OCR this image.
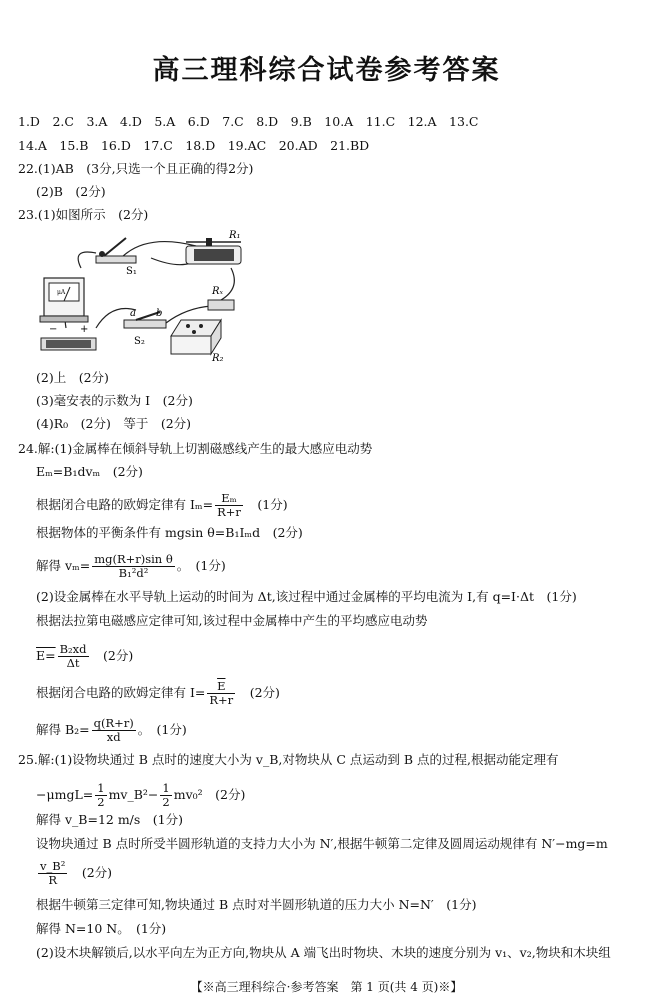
高三理科综合试卷参考答案
1.D　2.C　3.A　4.D　5.A　6.D　7.C　8.D　9.B　10.A　11.C　12.A　13.C
14.A　15.B　16.D　17.C　18.D　19.AC　20.AD　21.BD
22.(1)AB　(3分,只选一个且正确的得2分)
(2)B　(2分)
23.(1)如图所示　(2分)
S₁
R₁
μA
− +
Rₓ
a b
S₂
R₂
(2)上　(2分)
(3)毫安表的示数为 I　(2分)
(4)R₀　(2分)　等于　(2分)
24.解:(1)金属棒在倾斜导轨上切割磁感线产生的最大感应电动势
Eₘ=B₁dvₘ　(2分)
根据闭合电路的欧姆定律有 $I_m= \frac{\text{Eₘ}}{R+r}$ 　(1分)
根据物体的平衡条件有 mgsin θ=B₁Iₘd　(2分)
解得 $v_m= \frac{\text{mg(R+r)sin θ}}{\text{B₁²d²}}$ 。　(1分)
(2)设金属棒在水平导轨上运动的时间为 Δt,该过程中通过金属棒的平均电流为 I,有 q=I·Δt　(1分)
根据法拉第电磁感应定律可知,该过程中金属棒中产生的平均感应电动势
$E= \frac{\text{B₂xd}}{\Delta t}$ 　(2分)
根据闭合电路的欧姆定律有 $I= \frac{\overline{E}}{R+r}$ 　(2分)
解得 $B_2= \frac{q(R+r)}{xd}$ 。　(1分)
25.解:(1)设物块通过 B 点时的速度大小为 v_B,对物块从 C 点运动到 B 点的过程,根据动能定理有
$-\mu mgL= \frac{1}{2}$ mv_B²− $\frac{1}{2} mv_0^2$　(2分)
解得 v_B=12 m/s　(1分)
设物块通过 B 点时所受半圆形轨道的支持力大小为 N′,根据牛顿第二定律及圆周运动规律有 N′−mg=m
$\frac{\text{v\_B²}}{R}$ 　(2分)
根据牛顿第三定律可知,物块通过 B 点时对半圆形轨道的压力大小 N=N′　(1分)
解得 N=10 N。　(1分)
(2)设木块解锁后,以水平向左为正方向,物块从 A 端飞出时物块、木块的速度分别为 v₁、v₂,物块和木块组
【※高三理科综合·参考答案　第 1 页(共 4 页)※】
